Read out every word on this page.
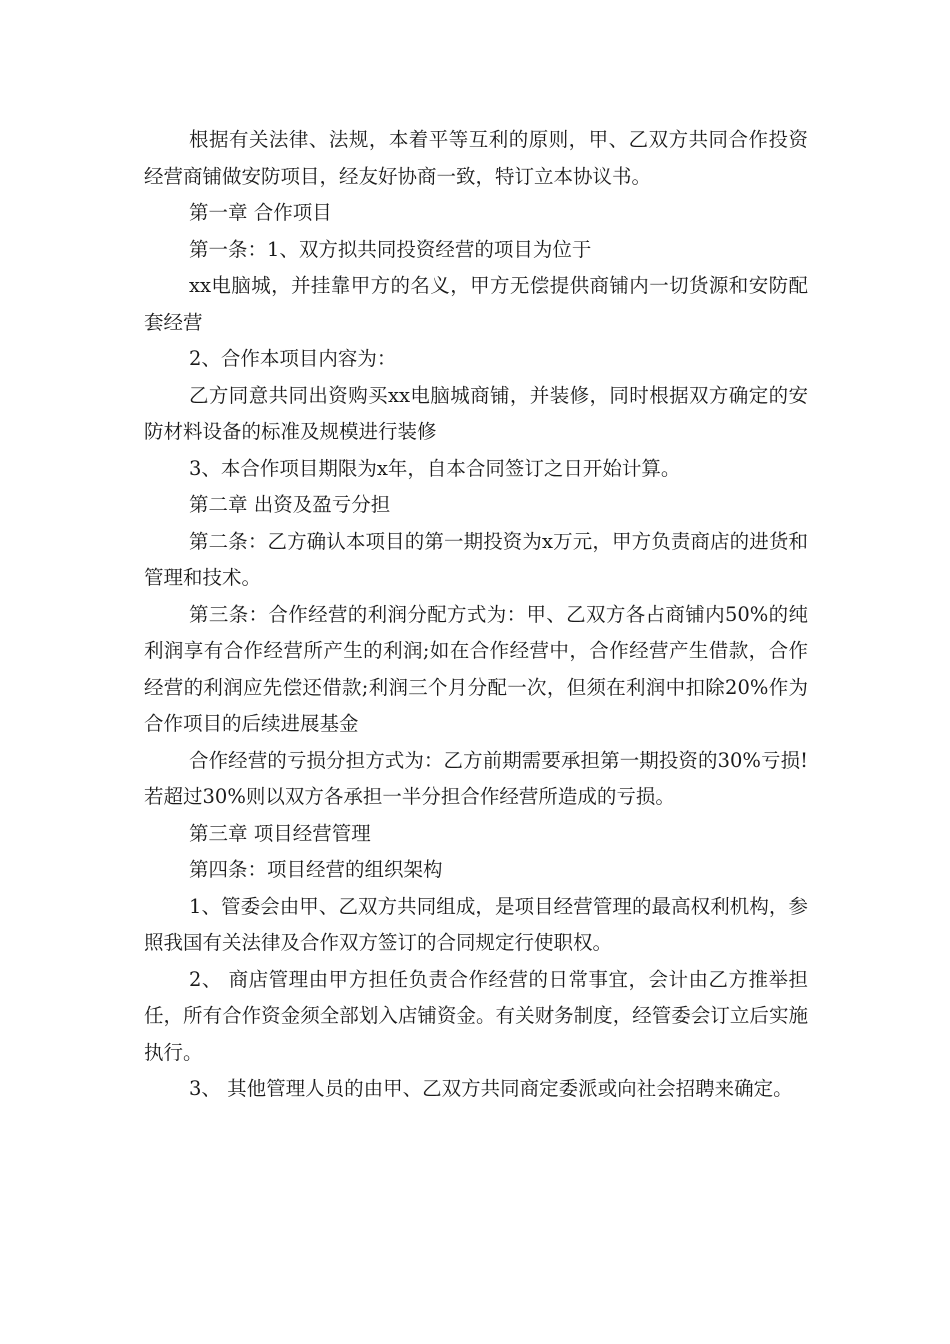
根据有关法律、法规，本着平等互利的原则，甲、乙双方共同合作投资经营商铺做安防项目，经友好协商一致，特订立本协议书。

第一章 合作项目

第一条：1、双方拟共同投资经营的项目为位于

xx电脑城，并挂靠甲方的名义，甲方无偿提供商铺内一切货源和安防配套经营

2、合作本项目内容为：

乙方同意共同出资购买xx电脑城商铺，并装修，同时根据双方确定的安防材料设备的标准及规模进行装修

3、本合作项目期限为x年，自本合同签订之日开始计算。

第二章 出资及盈亏分担

第二条：乙方确认本项目的第一期投资为x万元，甲方负责商店的进货和管理和技术。

第三条：合作经营的利润分配方式为：甲、乙双方各占商铺内50%的纯利润享有合作经营所产生的利润;如在合作经营中，合作经营产生借款，合作经营的利润应先偿还借款;利润三个月分配一次，但须在利润中扣除20%作为合作项目的后续进展基金

合作经营的亏损分担方式为：乙方前期需要承担第一期投资的30%亏损!若超过30%则以双方各承担一半分担合作经营所造成的亏损。

第三章 项目经营管理

第四条：项目经营的组织架构

1、管委会由甲、乙双方共同组成，是项目经营管理的最高权利机构，参照我国有关法律及合作双方签订的合同规定行使职权。

2、 商店管理由甲方担任负责合作经营的日常事宜，会计由乙方推举担任，所有合作资金须全部划入店铺资金。有关财务制度，经管委会订立后实施执行。

3、 其他管理人员的由甲、乙双方共同商定委派或向社会招聘来确定。
